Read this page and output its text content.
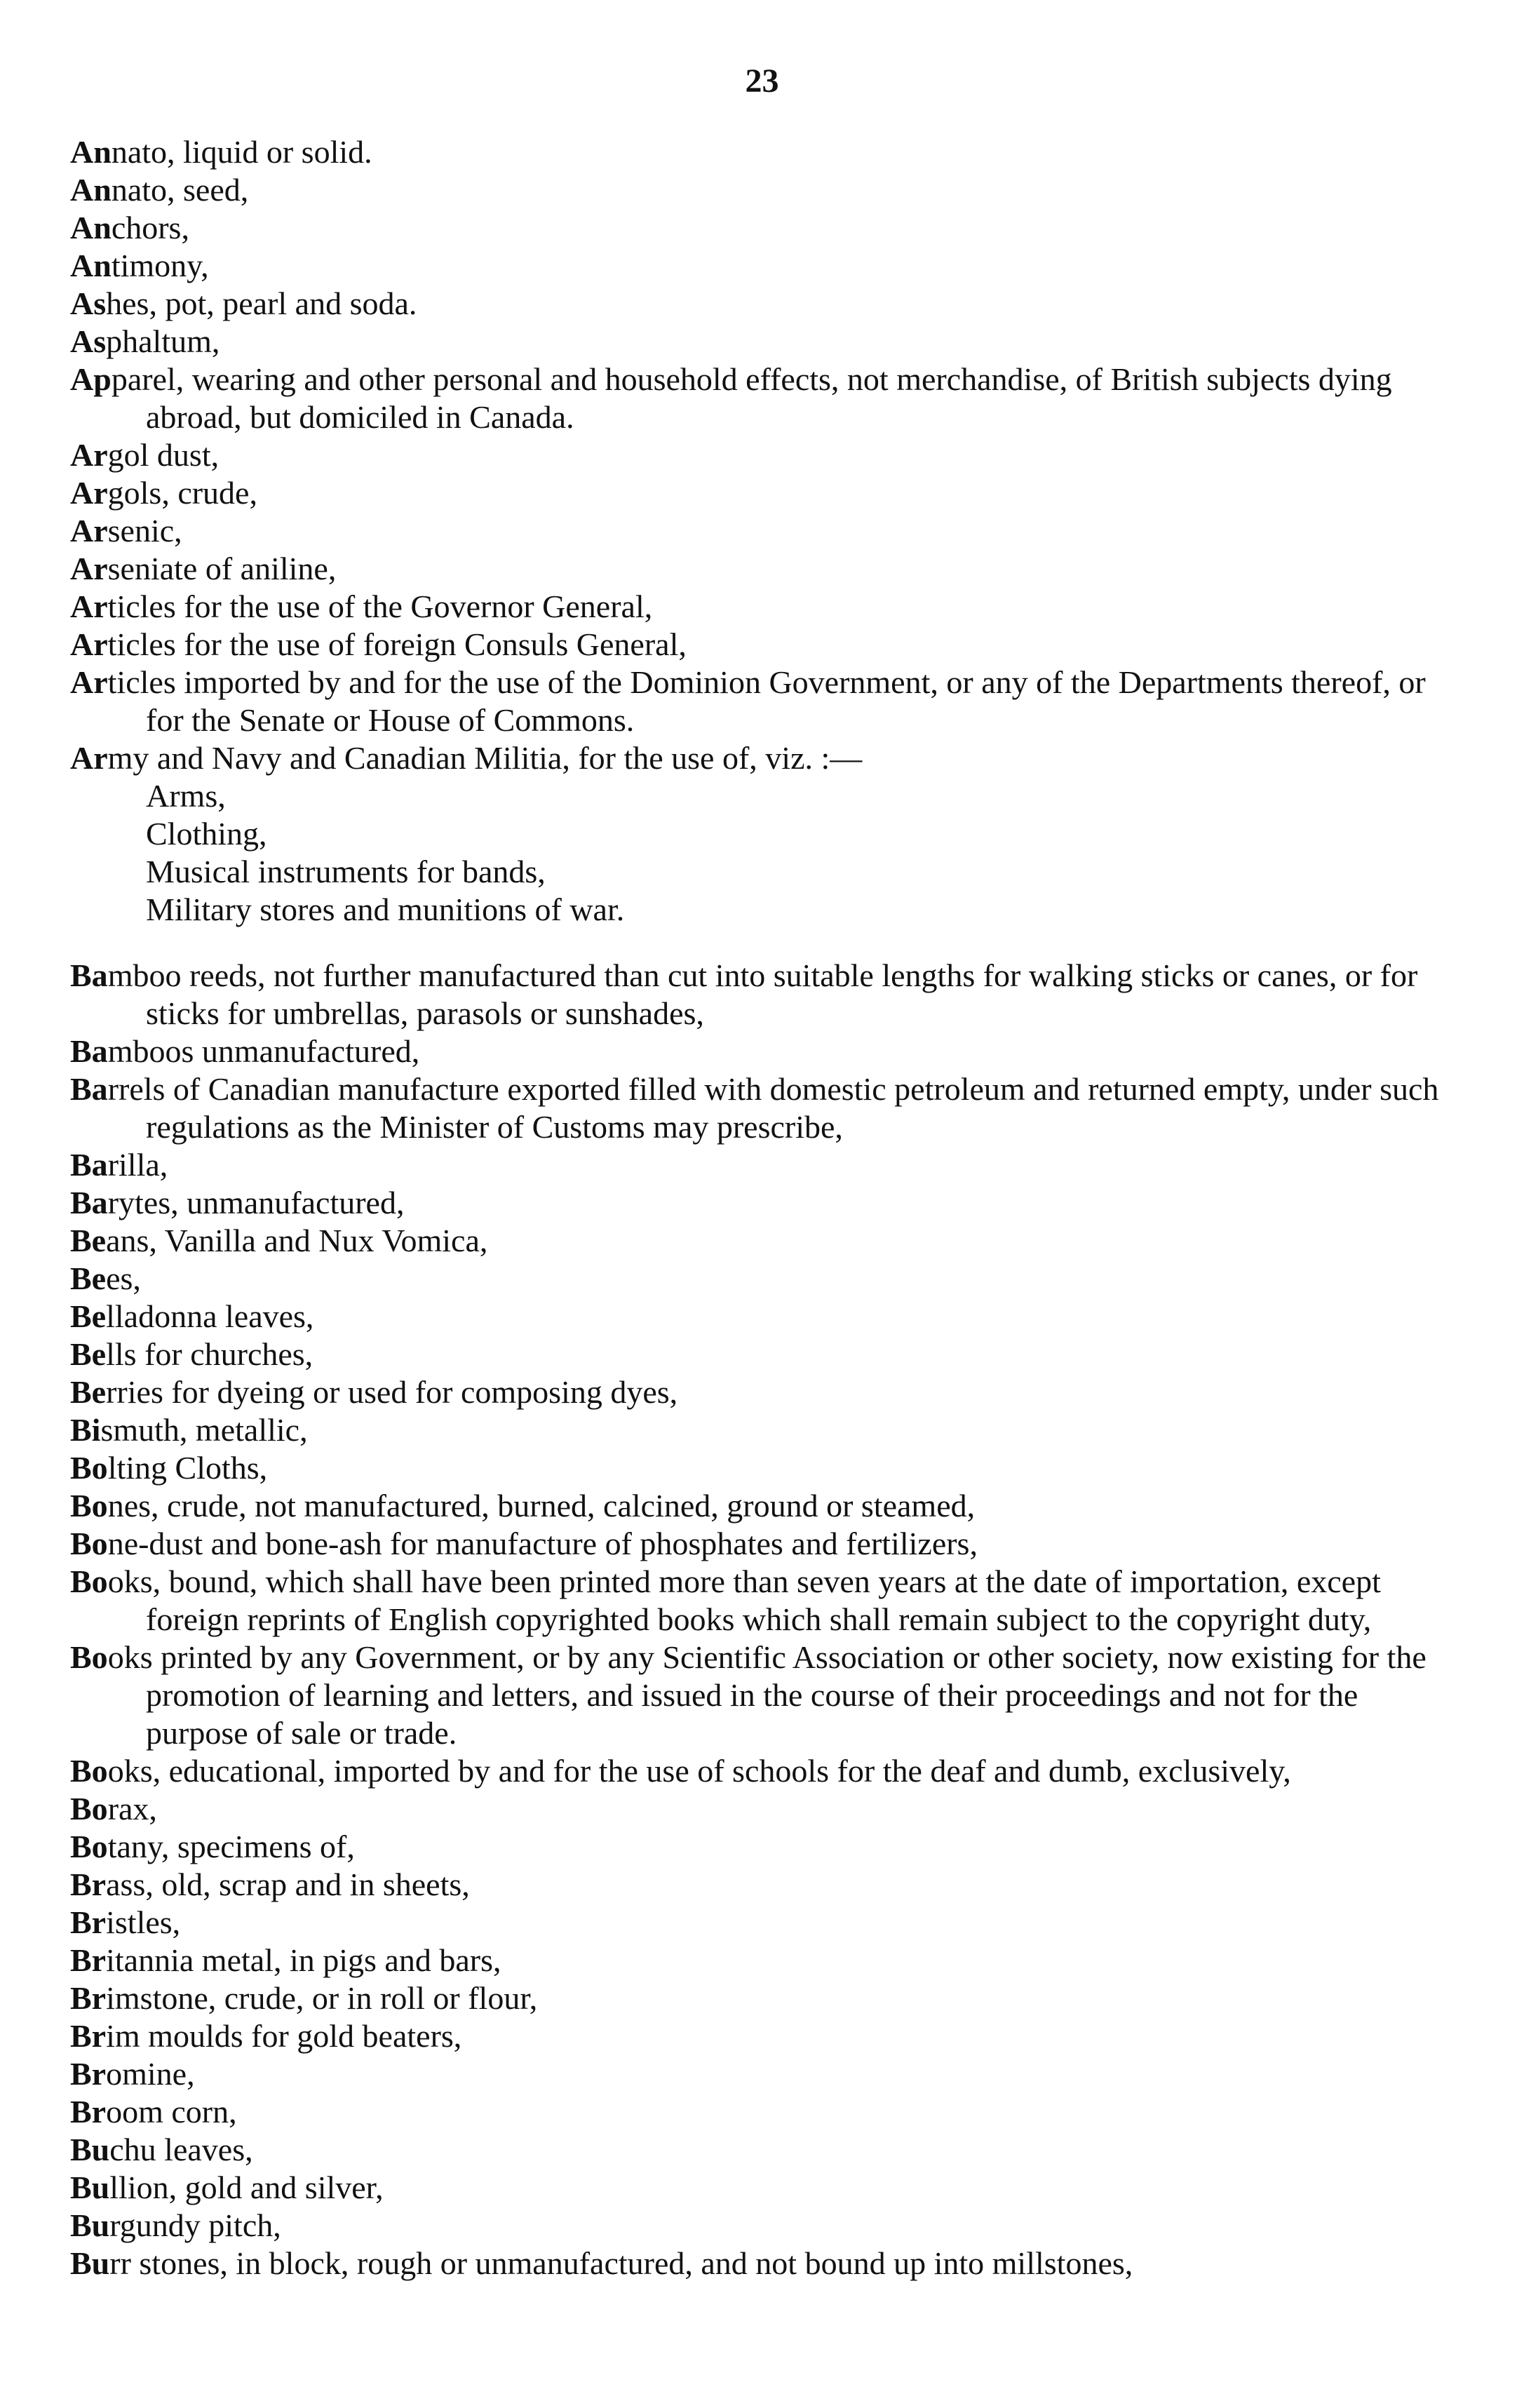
23
Annato, liquid or solid.
Annato, seed,
Anchors,
Antimony,
Ashes, pot, pearl and soda.
Asphaltum,
Apparel, wearing and other personal and household effects, not merchandise, of British subjects dying abroad, but domiciled in Canada.
Argol dust,
Argols, crude,
Arsenic,
Arseniate of aniline,
Articles for the use of the Governor General,
Articles for the use of foreign Consuls General,
Articles imported by and for the use of the Dominion Government, or any of the Departments thereof, or for the Senate or House of Commons.
Army and Navy and Canadian Militia, for the use of, viz. :—
Arms,
Clothing,
Musical instruments for bands,
Military stores and munitions of war.
Bamboo reeds, not further manufactured than cut into suitable lengths for walking sticks or canes, or for sticks for umbrellas, parasols or sunshades,
Bamboos unmanufactured,
Barrels of Canadian manufacture exported filled with domestic petroleum and returned empty, under such regulations as the Minister of Customs may prescribe,
Barilla,
Barytes, unmanufactured,
Beans, Vanilla and Nux Vomica,
Bees,
Belladonna leaves,
Bells for churches,
Berries for dyeing or used for composing dyes,
Bismuth, metallic,
Bolting Cloths,
Bones, crude, not manufactured, burned, calcined, ground or steamed,
Bone-dust and bone-ash for manufacture of phosphates and fertilizers,
Books, bound, which shall have been printed more than seven years at the date of importation, except foreign reprints of English copyrighted books which shall remain subject to the copyright duty,
Books printed by any Government, or by any Scientific Association or other society, now existing for the promotion of learning and letters, and issued in the course of their proceedings and not for the purpose of sale or trade.
Books, educational, imported by and for the use of schools for the deaf and dumb, exclusively,
Borax,
Botany, specimens of,
Brass, old, scrap and in sheets,
Bristles,
Britannia metal, in pigs and bars,
Brimstone, crude, or in roll or flour,
Brim moulds for gold beaters,
Bromine,
Broom corn,
Buchu leaves,
Bullion, gold and silver,
Burgundy pitch,
Burr stones, in block, rough or unmanufactured, and not bound up into millstones,
